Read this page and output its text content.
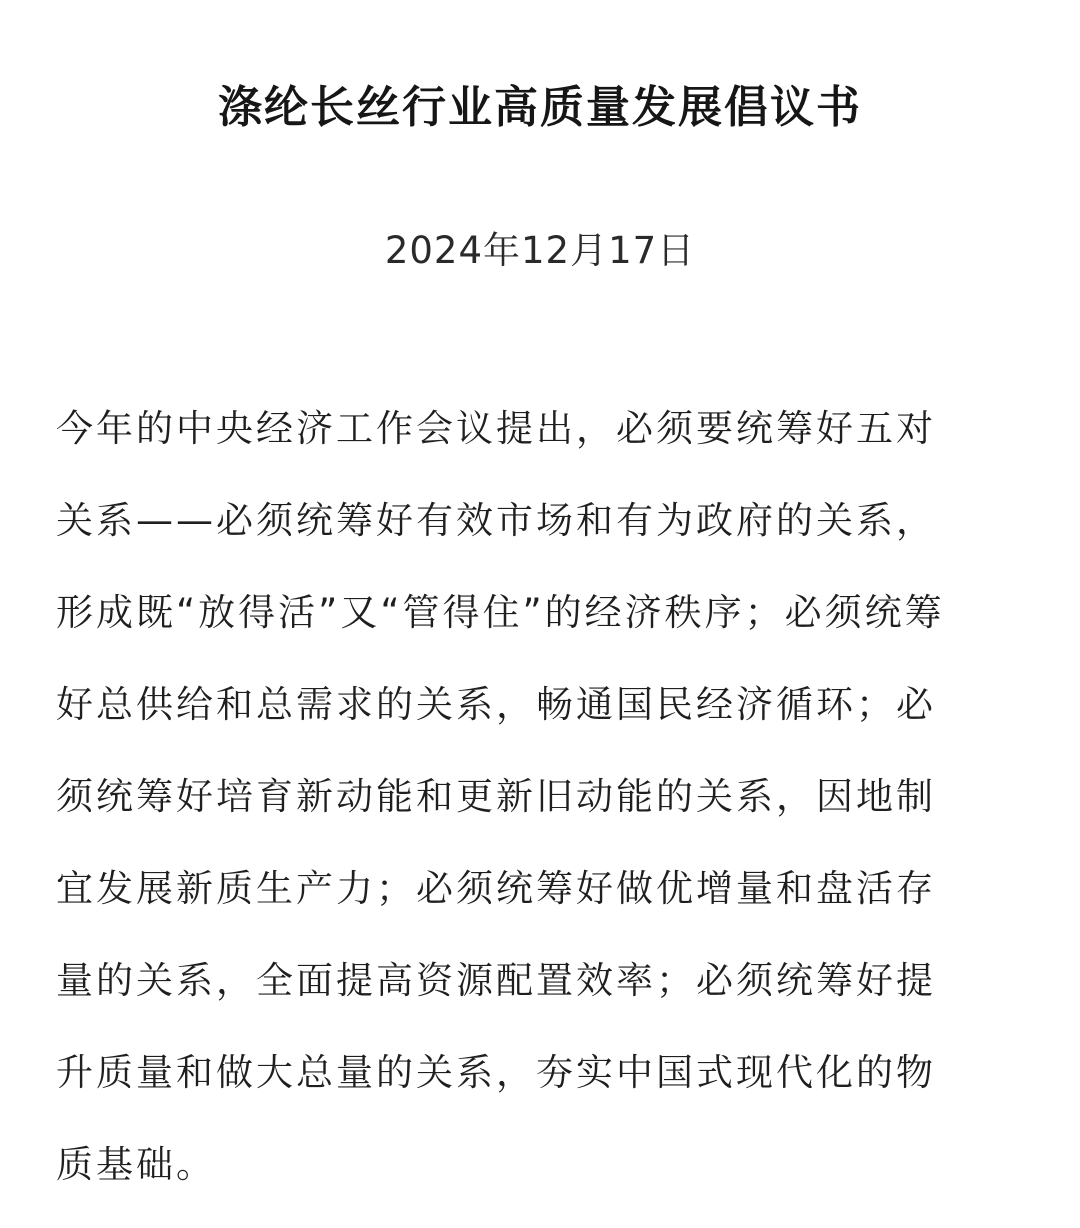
涤纶长丝行业高质量发展倡议书
2024年12月17日
今年的中央经济工作会议提出，必须要统筹好五对
关系——必须统筹好有效市场和有为政府的关系，
形成既“放得活”又“管得住”的经济秩序；必须统筹
好总供给和总需求的关系，畅通国民经济循环；必
须统筹好培育新动能和更新旧动能的关系，因地制
宜发展新质生产力；必须统筹好做优增量和盘活存
量的关系，全面提高资源配置效率；必须统筹好提
升质量和做大总量的关系，夯实中国式现代化的物
质基础。
